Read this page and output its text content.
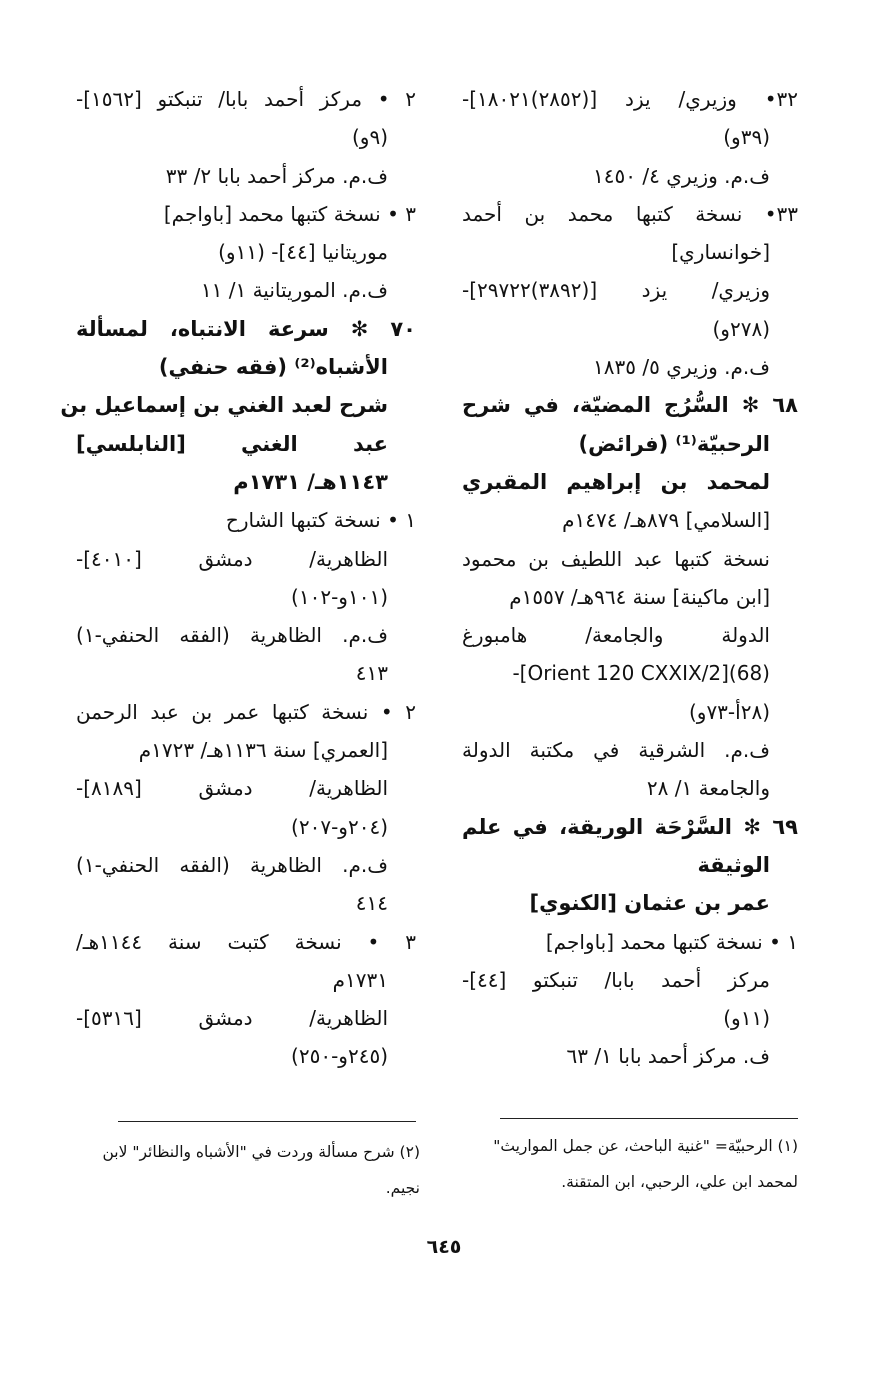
٣٢• وزيري/ يزد [(٢٨٥٢)١٨٠٢١]-
(٣٩و)
ف.م. وزيري ٤/ ١٤٥٠
٣٣• نسخة كتبها محمد بن أحمد
[خوانساري]
وزيري/ يزد [(٣٨٩٢)٢٩٧٢٢]-
(٢٧٨و)
ف.م. وزيري ٥/ ١٨٣٥
٦٨ ✻ السُّرُج المضيّة، في شرح
الرحبيّة⁽¹⁾ (فرائض)
لمحمد بن إبراهيم المقبري
[السلامي] ٨٧٩هـ/ ١٤٧٤م
نسخة كتبها عبد اللطيف بن محمود
[ابن ماكينة] سنة ٩٦٤هـ/ ١٥٥٧م
الدولة والجامعة/ هامبورغ
Orient 120 CXXIX/2](68)]-
(٢٨أ-٧٣و)
ف.م. الشرقية في مكتبة الدولة
والجامعة ١/ ٢٨
٦٩ ✻ السَّرْحَة الوريقة، في علم
الوثيقة
عمر بن عثمان [الكنوي]
١ • نسخة كتبها محمد [باواجم]
مركز أحمد بابا/ تنبكتو [٤٤]-
(١١و)
ف. مركز أحمد بابا ١/ ٦٣
٢ • مركز أحمد بابا/ تنبكتو [١٥٦٢]-
(٩و)
ف.م. مركز أحمد بابا ٢/ ٣٣
٣ • نسخة كتبها محمد [باواجم]
موريتانيا [٤٤]- (١١و)
ف.م. الموريتانية ١/ ١١
٧٠ ✻ سرعة الانتباه، لمسألة
الأشباه⁽²⁾ (فقه حنفي)
شرح لعبد الغني بن إسماعيل بن
عبد الغني [النابلسي]
١١٤٣هـ/ ١٧٣١م
١ • نسخة كتبها الشارح
الظاهرية/ دمشق [٤٠١٠]-
(١٠١و-١٠٢)
ف.م. الظاهرية (الفقه الحنفي-١)
٤١٣
٢ • نسخة كتبها عمر بن عبد الرحمن
[العمري] سنة ١١٣٦هـ/ ١٧٢٣م
الظاهرية/ دمشق [٨١٨٩]-
(٢٠٤و-٢٠٧)
ف.م. الظاهرية (الفقه الحنفي-١)
٤١٤
٣ • نسخة كتبت سنة ١١٤٤هـ/
١٧٣١م
الظاهرية/ دمشق [٥٣١٦]-
(٢٤٥و-٢٥٠)
(١) الرحبيّة= "غنية الباحث، عن جمل المواريث"
لمحمد ابن علي، الرحبي، ابن المتقنة.
(٢) شرح مسألة وردت في "الأشباه والنظائر" لابن
نجيم.
٦٤٥
